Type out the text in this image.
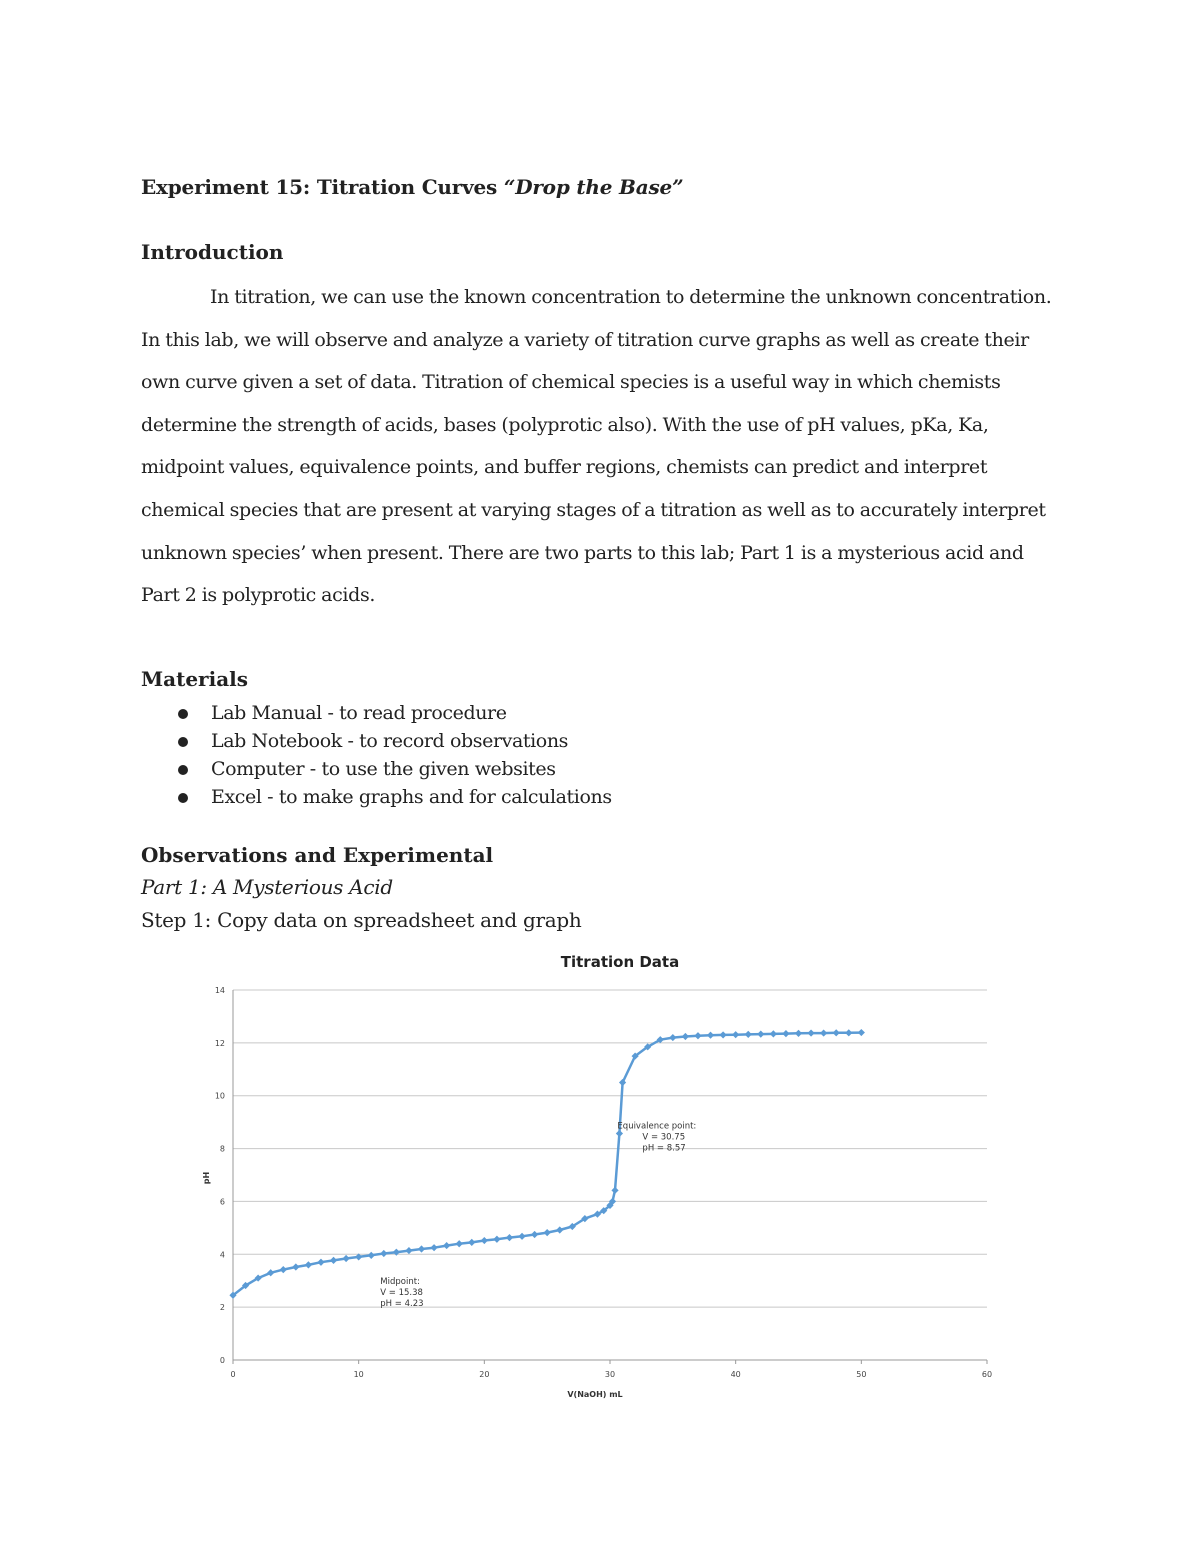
Experiment 15: Titration Curves “Drop the Base”
Introduction

In titration, we can use the known concentration to determine the unknown concentration. In this lab, we will observe and analyze a variety of titration curve graphs as well as create their own curve given a set of data. Titration of chemical species is a useful way in which chemists determine the strength of acids, bases (polyprotic also). With the use of pH values, pKa, Ka, midpoint values, equivalence points, and buffer regions, chemists can predict and interpret chemical species that are present at varying stages of a titration as well as to accurately interpret unknown species’ when present. There are two parts to this lab; Part 1 is a mysterious acid and Part 2 is polyprotic acids.

Materials
Lab Manual - to read procedure
Lab Notebook - to record observations
Computer - to use the given websites
Excel - to make graphs and for calculations
Observations and Experimental
Part 1: A Mysterious Acid
Step 1: Copy data on spreadsheet and graph
Titration Data
0
2
4
6
8
10
12
14
0	10	20	30	40	50	60
V(NaOH) mL
pH
Equivalence point:
V = 30.75
pH = 8.57
Midpoint:
V = 15.38
pH = 4.23
